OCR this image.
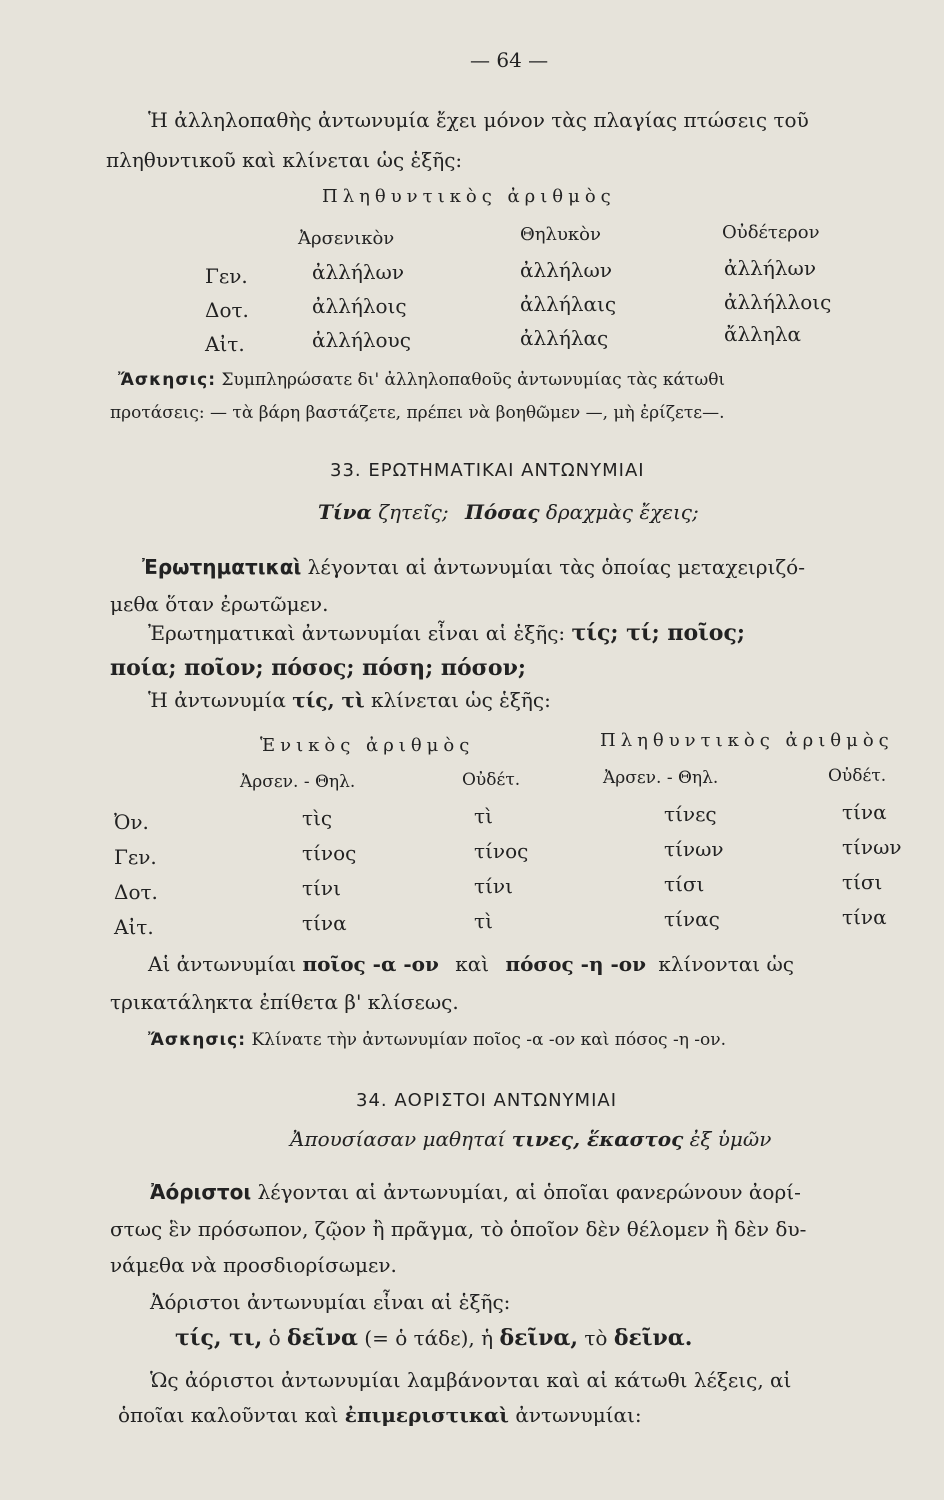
— 64 —
Ἡ ἀλληλοπαθὴς ἀντωνυμία ἔχει μόνον τὰς πλαγίας πτώσεις τοῦ
πληθυντικοῦ καὶ κλίνεται ὡς ἑξῆς:
Πληθυντικὸς ἀριθμὸς
Ἀρσενικὸν	Θηλυκὸν	Οὐδέτερον
Γεν.	ἀλλήλων	ἀλλήλων	ἀλλήλων
Δοτ.	ἀλλήλοις	ἀλλήλαις	ἀλλήλλοις
Αἰτ.	ἀλλήλους	ἀλλήλας	ἄλληλα
Ἄσκησις: Συμπληρώσατε δι' ἀλληλοπαθοῦς ἀντωνυμίας τὰς κάτωθι
προτάσεις: — τὰ βάρη βαστάζετε, πρέπει νὰ βοηθῶμεν —, μὴ ἐρίζετε—.
33. ΕΡΩΤΗΜΑΤΙΚΑΙ ΑΝΤΩΝΥΜΙΑΙ
Τίνα ζητεῖς; Πόσας δραχμὰς ἔχεις;
Ἐρωτηματικαὶ λέγονται αἱ ἀντωνυμίαι τὰς ὁποίας μεταχειριζό-
μεθα ὅταν ἐρωτῶμεν.
Ἐρωτηματικαὶ ἀντωνυμίαι εἶναι αἱ ἑξῆς: τίς; τί; ποῖος;
ποία; ποῖον; πόσος; πόση; πόσον;
Ἡ ἀντωνυμία τίς, τὶ κλίνεται ὡς ἑξῆς:
Ἑνικὸς ἀριθμὸς	Πληθυντικὸς ἀριθμὸς
Ἀρσεν. - Θηλ.	Οὐδέτ.	Ἀρσεν. - Θηλ.	Οὐδέτ.
Ὀν.	τὶς	τὶ	τίνες	τίνα
Γεν.	τίνος	τίνος	τίνων	τίνων
Δοτ.	τίνι	τίνι	τίσι	τίσι
Αἰτ.	τίνα	τὶ	τίνας	τίνα
Αἱ ἀντωνυμίαι ποῖος -α -ον καὶ πόσος -η -ον κλίνονται ὡς
τρικατάληκτα ἐπίθετα β' κλίσεως.
Ἄσκησις: Κλίνατε τὴν ἀντωνυμίαν ποῖος -α -ον καὶ πόσος -η -ον.
34. ΑΟΡΙΣΤΟΙ ΑΝΤΩΝΥΜΙΑΙ
Ἀπουσίασαν μαθηταί τινες, ἕκαστος ἐξ ὑμῶν
Ἀόριστοι λέγονται αἱ ἀντωνυμίαι, αἱ ὁποῖαι φανερώνουν ἀορί-
στως ἓν πρόσωπον, ζῷον ἢ πρᾶγμα, τὸ ὁποῖον δὲν θέλομεν ἢ δὲν δυ-
νάμεθα νὰ προσδιορίσωμεν.
Ἀόριστοι ἀντωνυμίαι εἶναι αἱ ἑξῆς:
τίς, τι, ὁ δεῖνα (= ὁ τάδε), ἡ δεῖνα, τὸ δεῖνα.
Ὡς ἀόριστοι ἀντωνυμίαι λαμβάνονται καὶ αἱ κάτωθι λέξεις, αἱ
ὁποῖαι καλοῦνται καὶ ἐπιμεριστικαὶ ἀντωνυμίαι:
